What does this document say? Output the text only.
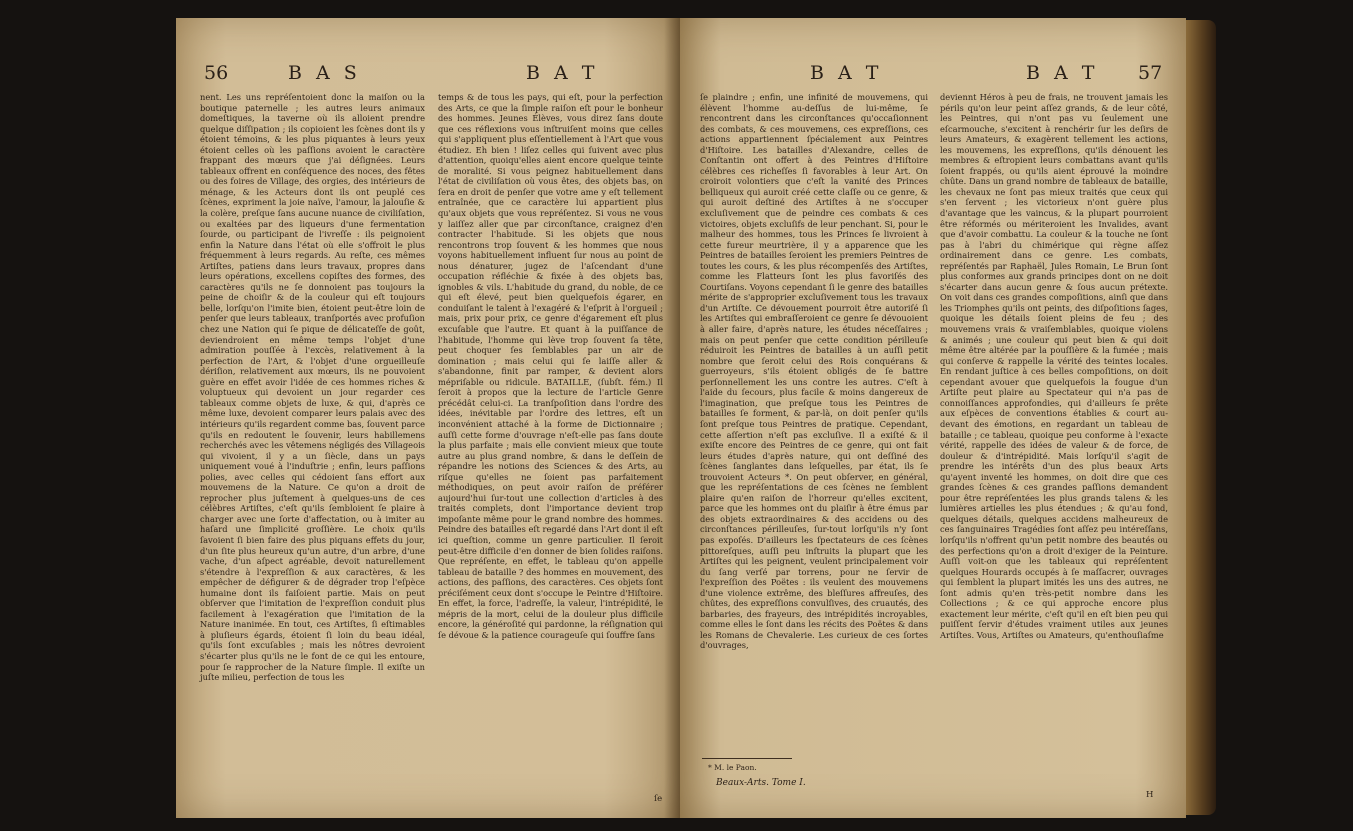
56	B A S	B A T

nent. Les uns repréſentoient donc la maiſon ou la boutique paternelle ; les autres leurs animaux domeſtiques, la taverne où ils alloient prendre quelque diſſipation ; ils copioient les ſcènes dont ils y étoient témoins, & les plus piquantes à leurs yeux étoient celles où les paſſions avoient le caractère frappant des mœurs que j'ai déſignées. Leurs tableaux offrent en conſéquence des noces, des fêtes ou des foires de Village, des orgies, des intérieurs de ménage, & les Acteurs dont ils ont peuplé ces ſcènes, expriment la joie naïve, l'amour, la jalouſie & la colère, preſque ſans aucune nuance de civiliſation, ou exaltées par des liqueurs d'une fermentation ſourde, ou participant de l'ivreſſe : ils peignoient enfin la Nature dans l'état où elle s'offroit le plus fréquemment à leurs regards. Au reſte, ces mêmes Artiſtes, patiens dans leurs travaux, propres dans leurs opérations, excellens copiſtes des formes, des caractères qu'ils ne ſe donnoient pas toujours la peine de choiſir & de la couleur qui eſt toujours belle, lorſqu'on l'imite bien, étoient peut-être loin de penſer que leurs tableaux, tranſportés avec profuſion chez une Nation qui ſe pique de délicateſſe de goût, deviendroient en même temps l'objet d'une admiration pouſſée à l'excès, relativement à la perfection de l'Art, & l'objet d'une orgueilleuſe dériſion, relativement aux mœurs, ils ne pouvoient guère en effet avoir l'idée de ces hommes riches & voluptueux qui devoient un jour regarder ces tableaux comme objets de luxe, & qui, d'après ce même luxe, devoient comparer leurs palais avec des intérieurs qu'ils regardent comme bas, ſouvent parce qu'ils en redoutent le ſouvenir, leurs habillemens recherchés avec les vêtemens négligés des Villageois qui vivoient, il y a un ſiècle, dans un pays uniquement voué à l'induſtrie ; enfin, leurs paſſions polies, avec celles qui cédoient ſans effort aux mouvemens de la Nature. Ce qu'on a droit de reprocher plus juſtement à quelques-uns de ces célèbres Artiſtes, c'eſt qu'ils ſembloient ſe plaire à charger avec une ſorte d'affectation, ou à imiter au haſard une ſimplicité groſſière. Le choix qu'ils ſavoient ſi bien faire des plus piquans effets du jour, d'un ſite plus heureux qu'un autre, d'un arbre, d'une vache, d'un aſpect agréable, devoit naturellement s'étendre à l'expreſſion & aux caractères, & les empêcher de défigurer & de dégrader trop l'eſpèce humaine dont ils faiſoient partie. Mais on peut obſerver que l'imitation de l'expreſſion conduit plus facilement à l'exagération que l'imitation de la Nature inanimée. En tout, ces Artiſtes, ſi eſtimables à pluſieurs égards, étoient ſi loin du beau idéal, qu'ils ſont excuſables ; mais les nôtres devroient s'écarter plus qu'ils ne le font de ce qui les entoure, pour ſe rapprocher de la Nature ſimple. Il exiſte un juſte milieu, perfection de tous les

temps & de tous les pays, qui eſt, pour la perfection des Arts, ce que la ſimple raiſon eſt pour le bonheur des hommes. Jeunes Élèves, vous direz ſans doute que ces réflexions vous inſtruiſent moins que celles qui s'appliquent plus eſſentiellement à l'Art que vous étudiez. Eh bien ! liſez celles qui ſuivent avec plus d'attention, quoiqu'elles aient encore quelque teinte de moralité. Si vous peignez habituellement dans l'état de civiliſation où vous êtes, des objets bas, on ſera en droit de penſer que votre ame y eſt tellement entraînée, que ce caractère lui appartient plus qu'aux objets que vous repréſentez. Si vous ne vous y laiſſez aller que par circonſtance, craignez d'en contracter l'habitude. Si les objets que nous rencontrons trop ſouvent & les hommes que nous voyons habituellement influent ſur nous au point de nous dénaturer, jugez de l'aſcendant d'une occupation réfléchie & fixée à des objets bas, ignobles & vils. L'habitude du grand, du noble, de ce qui eſt élevé, peut bien quelquefois égarer, en conduiſant le talent à l'exagéré & l'eſprit à l'orgueil ; mais, prix pour prix, ce genre d'égarement eſt plus excuſable que l'autre. Et quant à la puiſſance de l'habitude, l'homme qui lève trop ſouvent ſa tête, peut choquer ſes ſemblables par un air de domination ; mais celui qui ſe laiſſe aller & s'abandonne, finit par ramper, & devient alors mépriſable ou ridicule. BATAILLE, (ſubſt. fém.) Il ſeroit à propos que la lecture de l'article Genre précédât celui-ci. La tranſpoſition dans l'ordre des idées, inévitable par l'ordre des lettres, eſt un inconvénient attaché à la forme de Dictionnaire ; auſſi cette forme d'ouvrage n'eſt-elle pas ſans doute la plus parfaite ; mais elle convient mieux que toute autre au plus grand nombre, & dans le deſſein de répandre les notions des Sciences & des Arts, au riſque qu'elles ne ſoient pas parfaitement méthodiques, on peut avoir raiſon de préférer aujourd'hui ſur-tout une collection d'articles à des traités complets, dont l'importance devient trop impoſante même pour le grand nombre des hommes. Peindre des batailles eſt regardé dans l'Art dont il eſt ici queſtion, comme un genre particulier. Il ſeroit peut-être difficile d'en donner de bien ſolides raiſons. Que repréſente, en effet, le tableau qu'on appelle tableau de bataille ? des hommes en mouvement, des actions, des paſſions, des caractères. Ces objets ſont préciſément ceux dont s'occupe le Peintre d'Hiſtoire. En effet, la force, l'adreſſe, la valeur, l'intrépidité, le mépris de la mort, celui de la douleur plus difficile encore, la généroſité qui pardonne, la réſignation qui ſe dévoue & la patience courageuſe qui ſouffre ſans

ſe
B A T	B A T 57

ſe plaindre ; enfin, une infinité de mouvemens, qui élèvent l'homme au-deſſus de lui-même, ſe rencontrent dans les circonſtances qu'occaſionnent des combats, & ces mouvemens, ces expreſſions, ces actions appartiennent ſpécialement aux Peintres d'Hiſtoire. Les batailles d'Alexandre, celles de Conſtantin ont offert à des Peintres d'Hiſtoire célèbres ces richeſſes ſi favorables à leur Art. On croiroit volontiers que c'eſt la vanité des Princes belliqueux qui auroit créé cette claſſe ou ce genre, & qui auroit deſtiné des Artiſtes à ne s'occuper excluſivement que de peindre ces combats & ces victoires, objets excluſifs de leur penchant. Si, pour le malheur des hommes, tous les Princes ſe livroient à cette fureur meurtrière, il y a apparence que les Peintres de batailles ſeroient les premiers Peintres de toutes les cours, & les plus récompenſés des Artiſtes, comme les Flatteurs ſont les plus favoriſés des Courtiſans. Voyons cependant ſi le genre des batailles mérite de s'approprier excluſivement tous les travaux d'un Artiſte. Ce dévouement pourroit être autoriſé ſi les Artiſtes qui embraſſeroient ce genre ſe dévouoient à aller faire, d'après nature, les études néceſſaires ; mais on peut penſer que cette condition périlleuſe réduiroit les Peintres de batailles à un auſſi petit nombre que ſeroit celui des Rois conquérans & guerroyeurs, s'ils étoient obligés de ſe battre perſonnellement les uns contre les autres. C'eſt à l'aide du ſecours, plus facile & moins dangereux de l'imagination, que preſque tous les Peintres de batailles ſe forment, & par-là, on doit penſer qu'ils ſont preſque tous Peintres de pratique. Cependant, cette aſſertion n'eſt pas excluſive. Il a exiſté & il exiſte encore des Peintres de ce genre, qui ont fait leurs études d'après nature, qui ont deſſiné des ſcènes ſanglantes dans leſquelles, par état, ils ſe trouvoient Acteurs *. On peut obſerver, en général, que les repréſentations de ces ſcènes ne ſemblent plaire qu'en raiſon de l'horreur qu'elles excitent, parce que les hommes ont du plaiſir à être émus par des objets extraordinaires & des accidens ou des circonſtances périlleuſes, ſur-tout lorſqu'ils n'y ſont pas expoſés. D'ailleurs les ſpectateurs de ces ſcènes pittoreſques, auſſi peu inſtruits la plupart que les Artiſtes qui les peignent, veulent principalement voir du ſang verſé par torrens, pour ne ſervir de l'expreſſion des Poëtes : ils veulent des mouvemens d'une violence extrême, des bleſſures affreuſes, des chûtes, des expreſſions convulſives, des cruautés, des barbaries, des frayeurs, des intrépidités incroyables, comme elles le ſont dans les récits des Poëtes & dans les Romans de Chevalerie. Les curieux de ces ſortes d'ouvrages,

* M. le Paon.
Beaux-Arts. Tome I.

deviennt Héros à peu de frais, ne trouvent jamais les périls qu'on leur peint aſſez grands, & de leur côté, les Peintres, qui n'ont pas vu ſeulement une eſcarmouche, s'excitent à renchérir ſur les deſirs de leurs Amateurs, & exagèrent tellement les actions, les mouvemens, les expreſſions, qu'ils dénouent les membres & eſtropient leurs combattans avant qu'ils ſoient frappés, ou qu'ils aient éprouvé la moindre chûte. Dans un grand nombre de tableaux de bataille, les chevaux ne ſont pas mieux traités que ceux qui s'en ſervent ; les victorieux n'ont guère plus d'avantage que les vaincus, & la plupart pourroient être réformés ou mériteroient les Invalides, avant que d'avoir combattu. La couleur & la touche ne ſont pas à l'abri du chimérique qui règne aſſez ordinairement dans ce genre. Les combats, repréſentés par Raphaël, Jules Romain, Le Brun ſont plus conformes aux grands principes dont on ne doit s'écarter dans aucun genre & ſous aucun prétexte. On voit dans ces grandes compoſitions, ainſi que dans les Triomphes qu'ils ont peints, des diſpoſitions ſages, quoique les détails ſoient pleins de feu ; des mouvemens vrais & vraiſemblables, quoique violens & animés ; une couleur qui peut bien & qui doit même être altérée par la pouſſière & la fumée ; mais qui conſerve & rappelle la vérité des teintes locales. En rendant juſtice à ces belles compoſitions, on doit cependant avouer que quelquefois la fougue d'un Artiſte peut plaire au Spectateur qui n'a pas de connoiſſances approfondies, qui d'ailleurs ſe prête aux eſpèces de conventions établies & court au-devant des émotions, en regardant un tableau de bataille ; ce tableau, quoique peu conforme à l'exacte vérité, rappelle des idées de valeur & de force, de douleur & d'intrépidité. Mais lorſqu'il s'agit de prendre les intérêts d'un des plus beaux Arts qu'ayent inventé les hommes, on doit dire que ces grandes ſcènes & ces grandes paſſions demandent pour être repréſentées les plus grands talens & les lumières artielles les plus étendues ; & qu'au fond, quelques détails, quelques accidens malheureux de ces ſanguinaires Tragédies ſont aſſez peu intéreſſans, lorſqu'ils n'offrent qu'un petit nombre des beautés ou des perfections qu'on a droit d'exiger de la Peinture. Auſſi voit-on que les tableaux qui repréſentent quelques Hourards occupés à ſe maſſacrer, ouvrages qui ſemblent la plupart imités les uns des autres, ne ſont admis qu'en très-petit nombre dans les Collections ; & ce qui approche encore plus exactement leur mérite, c'eſt qu'il en eſt bien peu qui puiſſent ſervir d'études vraiment utiles aux jeunes Artiſtes. Vous, Artiſtes ou Amateurs, qu'enthouſiaſme

H
